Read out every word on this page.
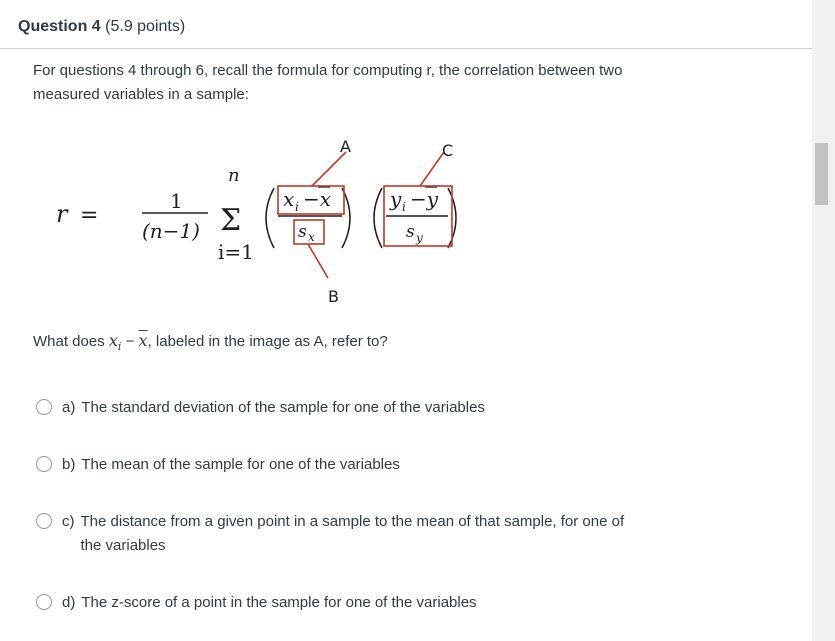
Question 4 (5.9 points)
For questions 4 through 6, recall the formula for computing r, the correlation between two measured variables in a sample:
r =
1
(n−1)
n
Σ
i=1
x i −x
s x
y i −y
s y
A
B
C
What does $x_i - \overline{x}$, labeled in the image as A, refer to?
a) The standard deviation of the sample for one of the variables
b) The mean of the sample for one of the variables
c) The distance from a given point in a sample to the mean of that sample, for one of the variables
d) The z-score of a point in the sample for one of the variables
